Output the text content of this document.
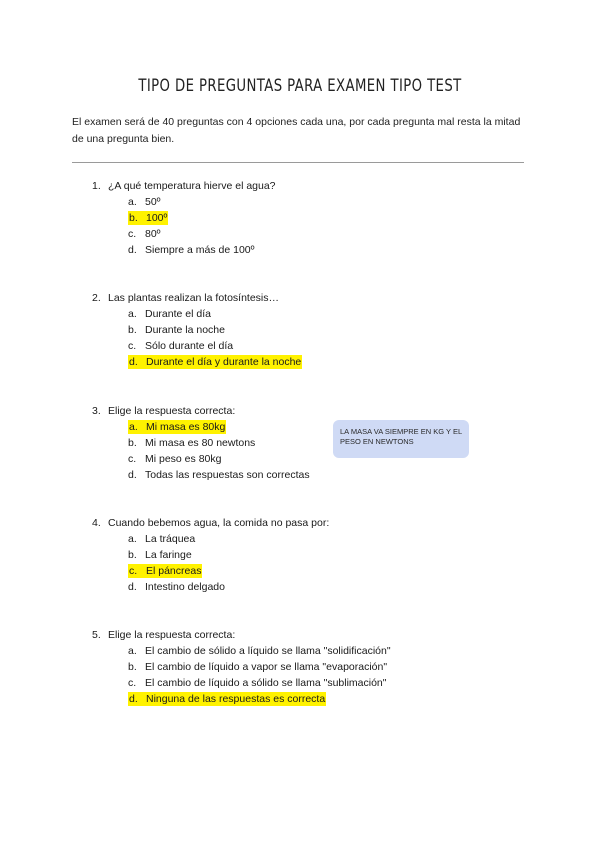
TIPO DE PREGUNTAS PARA EXAMEN TIPO TEST
El examen será de 40 preguntas con 4 opciones cada una, por cada pregunta mal resta la mitad de una pregunta bien.
1. ¿A qué temperatura hierve el agua?
a. 50º
b. 100º
c. 80º
d. Siempre a más de 100º
2. Las plantas realizan la fotosíntesis…
a. Durante el día
b. Durante la noche
c. Sólo durante el día
d. Durante el día y durante la noche
3. Elige la respuesta correcta:
a. Mi masa es 80kg
b. Mi masa es 80 newtons
c. Mi peso es 80kg
d. Todas las respuestas son correctas
LA MASA VA SIEMPRE EN KG Y EL PESO EN NEWTONS
4. Cuando bebemos agua, la comida no pasa por:
a. La tráquea
b. La faringe
c. El páncreas
d. Intestino delgado
5. Elige la respuesta correcta:
a. El cambio de sólido a líquido se llama "solidificación"
b. El cambio de líquido a vapor se llama "evaporación"
c. El cambio de líquido a sólido se llama "sublimación"
d. Ninguna de las respuestas es correcta
